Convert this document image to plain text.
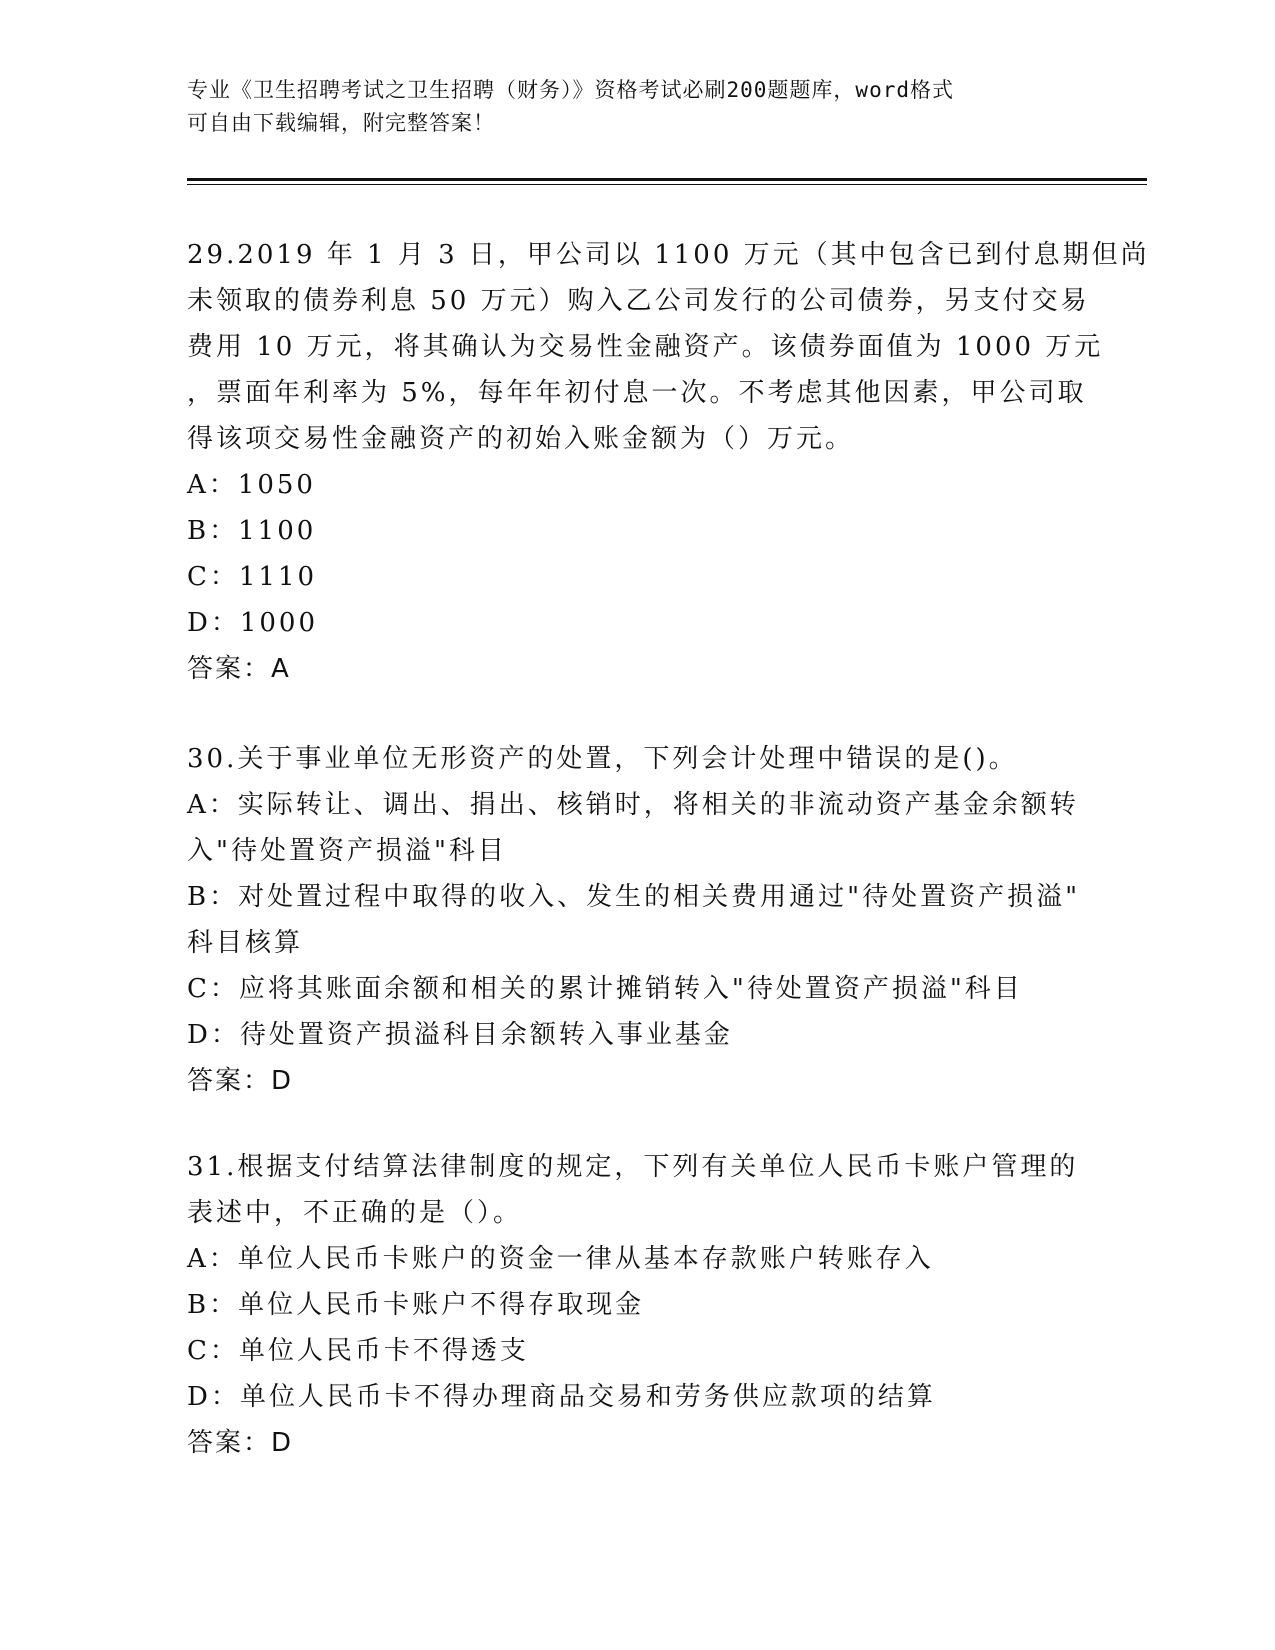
专业《卫生招聘考试之卫生招聘（财务）》资格考试必刷200题题库，word格式
可自由下载编辑，附完整答案！
29.2019 年 1 月 3 日，甲公司以 1100 万元（其中包含已到付息期但尚
未领取的债券利息 50 万元）购入乙公司发行的公司债券，另支付交易
费用 10 万元，将其确认为交易性金融资产。该债券面值为 1000 万元
，票面年利率为 5%，每年年初付息一次。不考虑其他因素，甲公司取
得该项交易性金融资产的初始入账金额为（）万元。
A：1050
B：1100
C：1110
D：1000
答案：A
30.关于事业单位无形资产的处置，下列会计处理中错误的是()。
A：实际转让、调出、捐出、核销时，将相关的非流动资产基金余额转
入"待处置资产损溢"科目
B：对处置过程中取得的收入、发生的相关费用通过"待处置资产损溢"
科目核算
C：应将其账面余额和相关的累计摊销转入"待处置资产损溢"科目
D：待处置资产损溢科目余额转入事业基金
答案：D
31.根据支付结算法律制度的规定，下列有关单位人民币卡账户管理的
表述中，不正确的是（）。
A：单位人民币卡账户的资金一律从基本存款账户转账存入
B：单位人民币卡账户不得存取现金
C：单位人民币卡不得透支
D：单位人民币卡不得办理商品交易和劳务供应款项的结算
答案：D
